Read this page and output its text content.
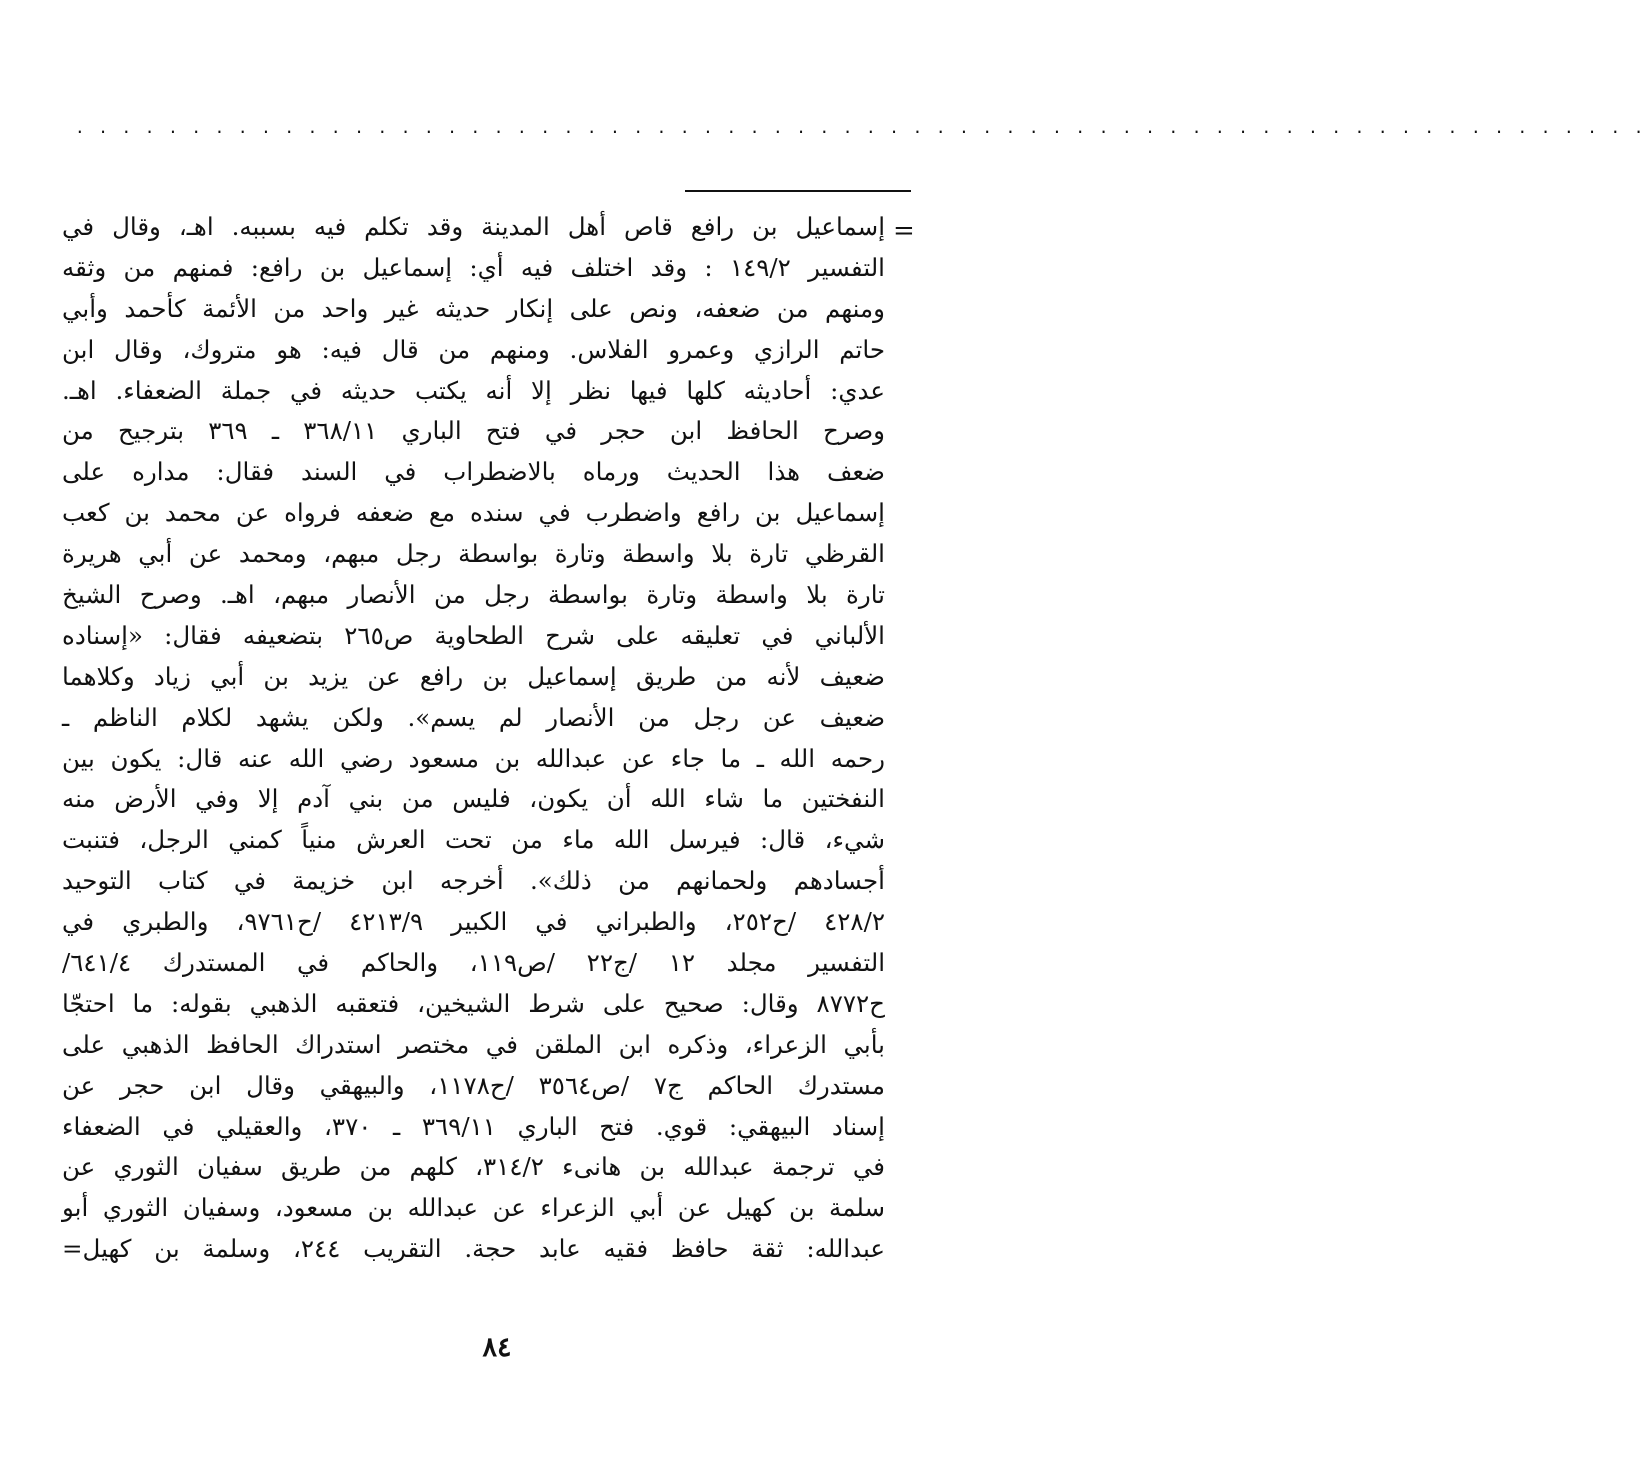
. . . . . . . . . . . . . . . . . . . . . . . . . . . . . . . . . . . . . . . . . . . . . . . . . . . . . . . . . . . . . . . . . . . .
=
إسماعيل بن رافع قاص أهل المدينة وقد تكلم فيه بسببه. اهـ، وقال في
التفسير ١٤٩/٢ : وقد اختلف فيه أي: إسماعيل بن رافع: فمنهم من وثقه
ومنهم من ضعفه، ونص على إنكار حديثه غير واحد من الأئمة كأحمد وأبي
حاتم الرازي وعمرو الفلاس. ومنهم من قال فيه: هو متروك، وقال ابن
عدي: أحاديثه كلها فيها نظر إلا أنه يكتب حديثه في جملة الضعفاء. اهـ.
وصرح الحافظ ابن حجر في فتح الباري ٣٦٨/١١ ـ ٣٦٩ بترجيح من
ضعف هذا الحديث ورماه بالاضطراب في السند فقال: مداره على
إسماعيل بن رافع واضطرب في سنده مع ضعفه فرواه عن محمد بن كعب
القرظي تارة بلا واسطة وتارة بواسطة رجل مبهم، ومحمد عن أبي هريرة
تارة بلا واسطة وتارة بواسطة رجل من الأنصار مبهم، اهـ. وصرح الشيخ
الألباني في تعليقه على شرح الطحاوية ص٢٦٥ بتضعيفه فقال: «إسناده
ضعيف لأنه من طريق إسماعيل بن رافع عن يزيد بن أبي زياد وكلاهما
ضعيف عن رجل من الأنصار لم يسم». ولكن يشهد لكلام الناظم ـ
رحمه الله ـ ما جاء عن عبدالله بن مسعود رضي الله عنه قال: يكون بين
النفختين ما شاء الله أن يكون، فليس من بني آدم إلا وفي الأرض منه
شيء، قال: فيرسل الله ماء من تحت العرش منياً كمني الرجل، فتنبت
أجسادهم ولحمانهم من ذلك». أخرجه ابن خزيمة في كتاب التوحيد
٤٢٨/٢ /ح٢٥٢، والطبراني في الكبير ٤٢١٣/٩ /ح٩٧٦١، والطبري في
التفسير مجلد ١٢ /ج٢٢ /ص١١٩، والحاكم في المستدرك ٦٤١/٤/
ح٨٧٧٢ وقال: صحيح على شرط الشيخين، فتعقبه الذهبي بقوله: ما احتجّا
بأبي الزعراء، وذكره ابن الملقن في مختصر استدراك الحافظ الذهبي على
مستدرك الحاكم ج٧ /ص٣٥٦٤ /ح١١٧٨، والبيهقي وقال ابن حجر عن
إسناد البيهقي: قوي. فتح الباري ٣٦٩/١١ ـ ٣٧٠، والعقيلي في الضعفاء
في ترجمة عبدالله بن هانىء ٣١٤/٢، كلهم من طريق سفيان الثوري عن
سلمة بن كهيل عن أبي الزعراء عن عبدالله بن مسعود، وسفيان الثوري أبو
عبدالله: ثقة حافظ فقيه عابد حجة. التقريب ٢٤٤، وسلمة بن كهيل=
٨٤
